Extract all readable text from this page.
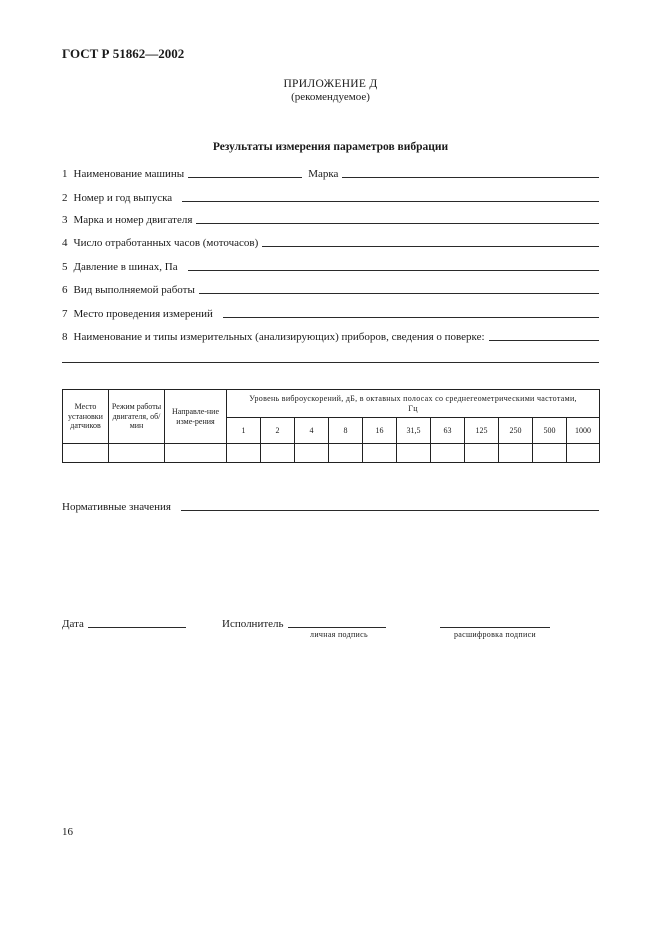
ГОСТ Р 51862—2002
ПРИЛОЖЕНИЕ Д
(рекомендуемое)
Результаты измерения параметров вибрации
1 Наименование машины	Марка
2 Номер и год выпуска
3 Марка и номер двигателя
4 Число отработанных часов (моточасов)
5 Давление в шинах, Па
6 Вид выполняемой работы
7 Место проведения измерений
8 Наименование и типы измерительных (анализирующих) приборов, сведения о поверке:
Место установки датчиков	Режим работы двигателя, об/мин	Направле-ние изме-рения	Уровень виброускорений, дБ, в октавных полосах со среднегеометрическими частотами, Гц										
			1	2	4	8	16	31,5	63	125	250	500	1000

Нормативные значения
Дата	Исполнитель
личная подпись	расшифровка подписи
16
